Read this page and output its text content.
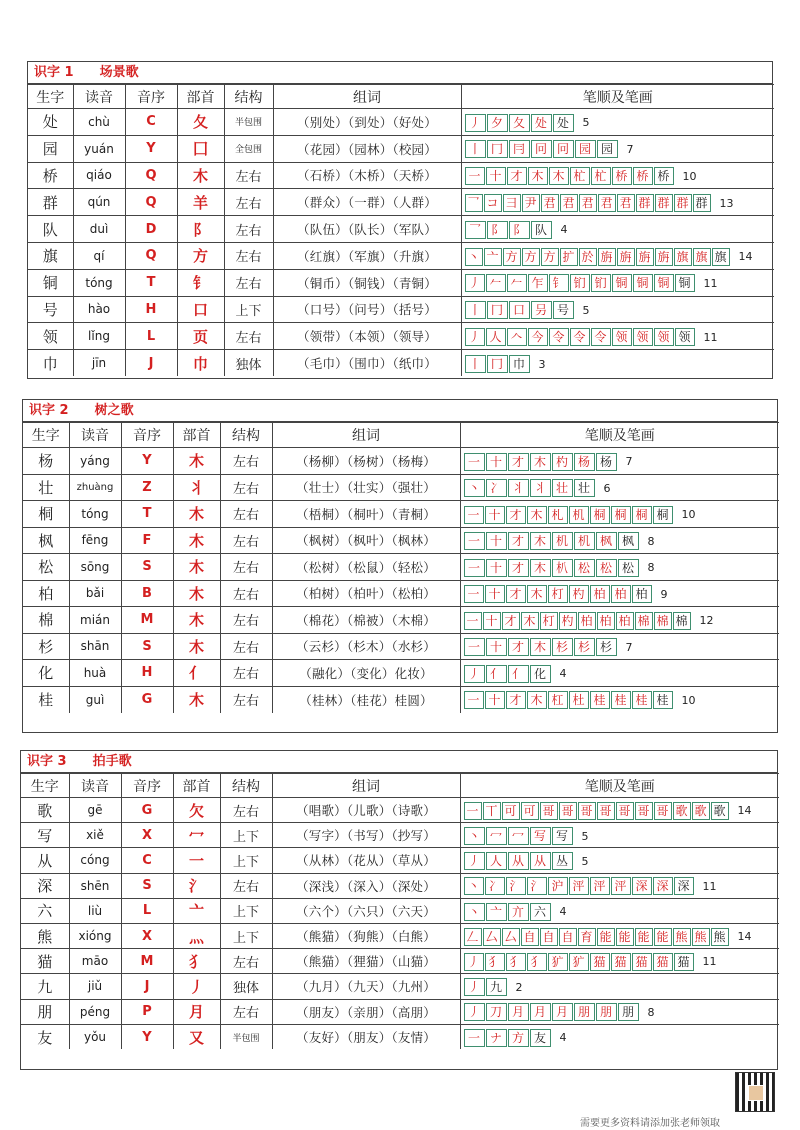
识字 1 场景歌
生字	读音	音序	部首	结构	组词	笔顺及笔画
处	chù	C	夂	半包围	（别处）（到处）（好处）	丿 夕 夂 处 处 5
园	yuán	Y	囗	全包围	（花园）（园林）（校园）	丨 冂 冃 冋 冋 园 园 7
桥	qiáo	Q	木	左右	（石桥）（木桥）（天桥）	一 十 才 木 木 杧 杧 桥 桥 桥 10
群	qún	Q	羊	左右	（群众）（一群）（人群）	乛 コ 彐 尹 君 君 君 君 君 群 群 群 群 13
队	duì	D	阝	左右	（队伍）（队长）（军队）	乛 阝 阝 队 4
旗	qí	Q	方	左右	（红旗）（军旗）（升旗）	丶 亠 方 方 方 扩 於 旃 旃 旃 旃 旗 旗 旗 14
铜	tóng	T	钅	左右	（铜币）（铜钱）（青铜）	丿 𠂉 𠂉 乍 钅 钔 钔 铜 铜 铜 铜 11
号	hào	H	口	上下	（口号）（问号）（括号）	丨 冂 口 叧 号 5
领	lǐng	L	页	左右	（领带）（本领）（领导）	丿 人 𠆢 今 令 令 令 领 领 领 领 11
巾	jīn	J	巾	独体	（毛巾）（围巾）（纸巾）	丨 冂 巾 3
识字 2 树之歌
生字	读音	音序	部首	结构	组词	笔顺及笔画
杨	yáng	Y	木	左右	（杨柳）（杨树）（杨梅）	一 十 才 木 杓 杨 杨 7
壮	zhuàng	Z	丬	左右	（壮士）（壮实）（强壮）	丶 冫 丬 丬 壮 壮 6
桐	tóng	T	木	左右	（梧桐）（桐叶）（青桐）	一 十 才 木 札 机 桐 桐 桐 桐 10
枫	fēng	F	木	左右	（枫树）（枫叶）（枫林）	一 十 才 木 机 机 枫 枫 8
松	sōng	S	木	左右	（松树）（松鼠）（轻松）	一 十 才 木 朳 松 松 松 8
柏	bǎi	B	木	左右	（柏树）（柏叶）（松柏）	一 十 才 木 朾 杓 柏 柏 柏 9
棉	mián	M	木	左右	（棉花）（棉被）（木棉）	一 十 才 木 朾 杓 柏 柏 柏 棉 棉 棉 12
杉	shān	S	木	左右	（云杉）（杉木）（水杉）	一 十 才 木 杉 杉 杉 7
化	huà	H	亻	左右	（融化）（变化）化妆）	丿 亻 亻 化 4
桂	guì	G	木	左右	（桂林）（桂花）桂圆）	一 十 才 木 杠 杜 桂 桂 桂 桂 10
识字 3 拍手歌
生字	读音	音序	部首	结构	组词	笔顺及笔画
歌	gē	G	欠	左右	（唱歌）（儿歌）（诗歌）	一 丅 可 可 哥 哥 哥 哥 哥 哥 哥 歌 歌 歌 14
写	xiě	X	冖	上下	（写字）（书写）（抄写）	丶 冖 冖 写 写 5
从	cóng	C	一	上下	（从林）（花从）（草从）	丿 人 从 从 丛 5
深	shēn	S	氵	左右	（深浅）（深入）（深处）	丶 冫 氵 氵 沪 泙 泙 泙 深 深 深 11
六	liù	L	亠	上下	（六个）（六只）（六天）	丶 亠 亣 六 4
熊	xióng	X	灬	上下	（熊猫）（狗熊）（白熊）	𠃋 厶 厶 自 自 自 育 能 能 能 能 熊 熊 熊 14
猫	māo	M	犭	左右	（熊猫）（狸猫）（山猫）	丿 犭 犭 犭 犷 犷 猫 猫 猫 猫 猫 11
九	jiǔ	J	丿	独体	（九月）（九天）（九州）	丿 九 2
朋	péng	P	月	左右	（朋友）（亲朋）（高朋）	丿 刀 月 月 月 朋 朋 朋 8
友	yǒu	Y	又	半包围	（友好）（朋友）（友情）	一 ナ 方 友 4
需要更多资料请添加张老师领取
